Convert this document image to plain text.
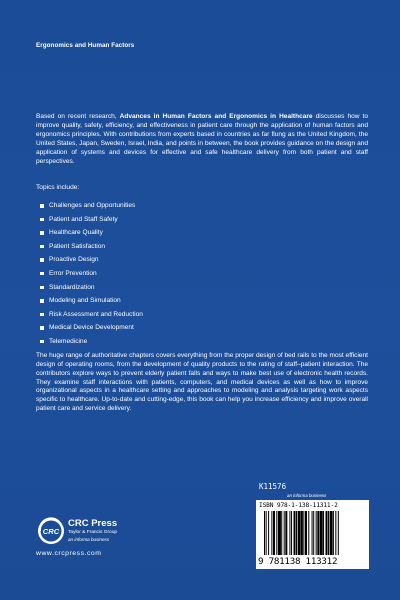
Ergonomics and Human Factors

Based on recent research, Advances in Human Factors and Ergonomics in Healthcare discusses how to improve quality, safety, efficiency, and effectiveness in patient care through the application of human factors and ergonomics principles. With contributions from experts based in countries as far flung as the United Kingdom, the United States, Japan, Sweden, Israel, India, and points in between, the book provides guidance on the design and application of systems and devices for effective and safe healthcare delivery from both patient and staff perspectives.

Topics include:
Challenges and Opportunities
Patient and Staff Safety
Healthcare Quality
Patient Satisfaction
Proactive Design
Error Prevention
Standardization
Modeling and Simulation
Risk Assessment and Reduction
Medical Device Development
Telemedicine

The huge range of authoritative chapters covers everything from the proper design of bed rails to the most efficient design of operating rooms, from the development of quality products to the rating of staff–patient interaction. The contributors explore ways to prevent elderly patient falls and ways to make best use of electronic health records. They examine staff interactions with patients, computers, and medical devices as well as how to improve organizational aspects in a healthcare setting and approaches to modeling and analysis targeting work aspects specific to healthcare. Up-to-date and cutting-edge, this book can help you increase efficiency and improve overall patient care and service delivery.

K11576
an informa business
ISBN 978-1-138-11311-2
9 781138 113312
CRC
CRC Press
Taylor & Francis Group
an informa business
www.crcpress.com
